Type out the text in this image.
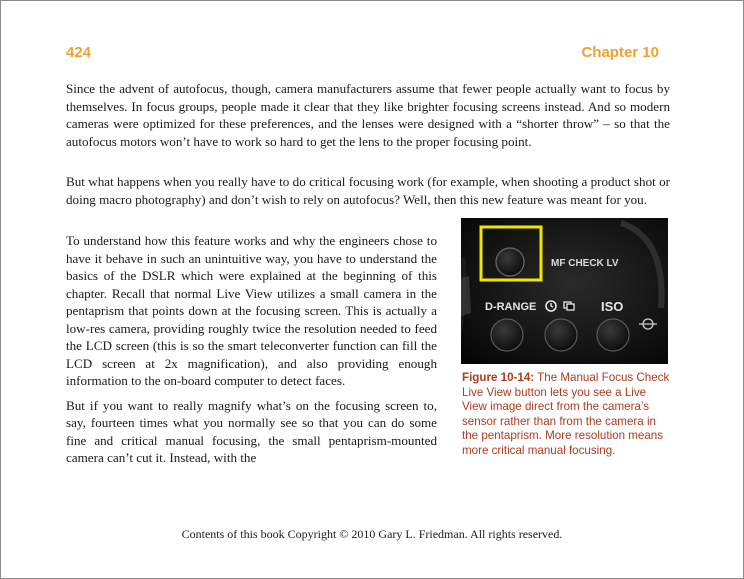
424	Chapter 10

Since the advent of autofocus, though, camera manufacturers assume that fewer people actually want to focus by themselves. In focus groups, people made it clear that they like brighter focusing screens instead. And so modern cameras were optimized for these preferences, and the lenses were designed with a “shorter throw” – so that the autofocus motors won’t have to work so hard to get the lens to the proper focusing point.

But what happens when you really have to do critical focusing work (for example, when shooting a product shot or doing macro photography) and don’t wish to rely on autofocus? Well, then this new feature was meant for you.

To understand how this feature works and why the engineers chose to have it behave in such an unintuitive way, you have to understand the basics of the DSLR which were explained at the beginning of this chapter. Recall that normal Live View utilizes a small camera in the pentaprism that points down at the focusing screen. This is actually a low-res camera, providing roughly twice the resolution needed to feed the LCD screen (this is so the smart teleconverter function can fill the LCD screen at 2x magnification), and also providing enough information to the on-board computer to detect faces.

But if you want to really magnify what’s on the focusing screen to, say, fourteen times what you normally see so that you can do some fine and critical manual focusing, the small pentaprism-mounted camera can’t cut it. Instead, with the

MF CHECK LV
D-RANGE	ISO
Figure 10-14: The Manual Focus Check Live View button lets you see a Live View image direct from the camera’s sensor rather than from the camera in the pentaprism. More resolution means more critical manual focusing.
Contents of this book Copyright © 2010 Gary L. Friedman. All rights reserved.
